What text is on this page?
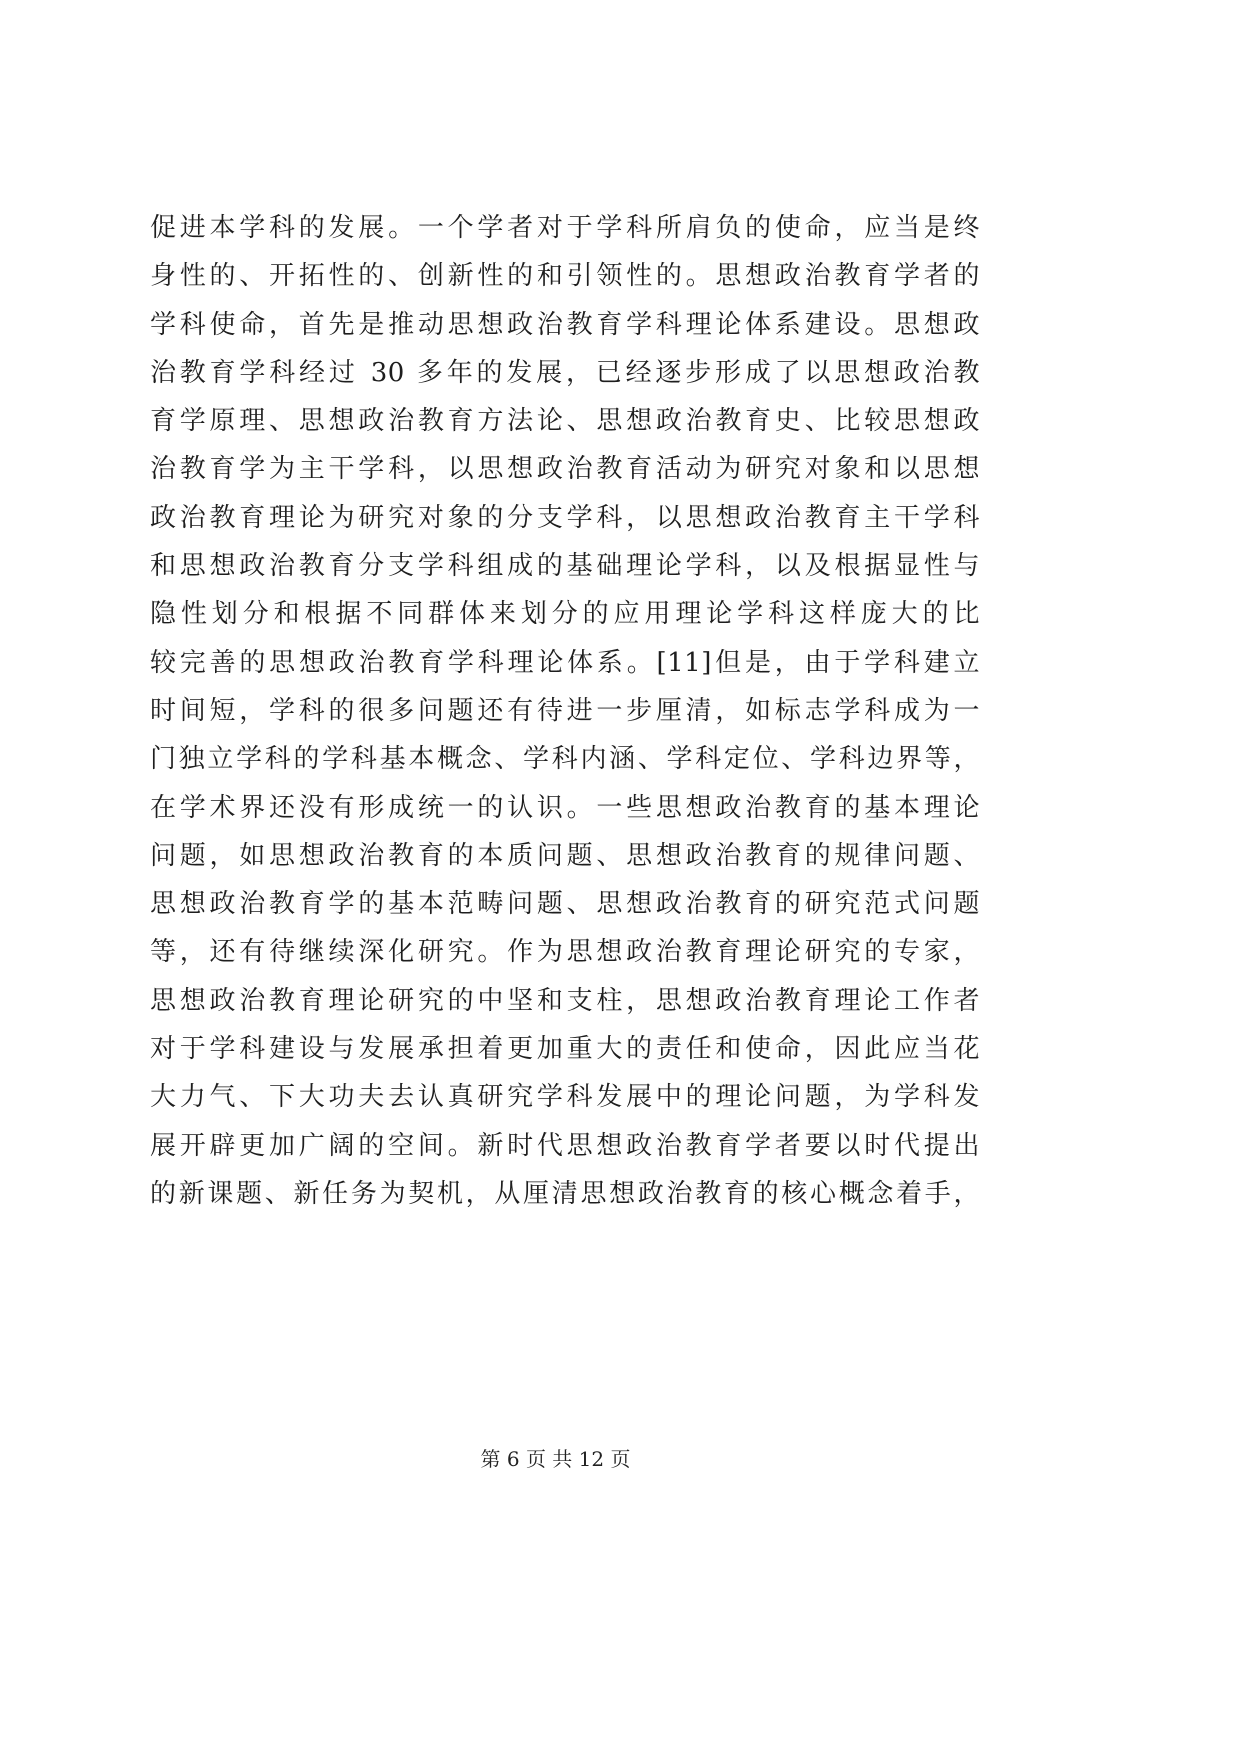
促进本学科的发展。一个学者对于学科所肩负的使命，应当是终
身性的、开拓性的、创新性的和引领性的。思想政治教育学者的
学科使命，首先是推动思想政治教育学科理论体系建设。思想政
治教育学科经过 30 多年的发展，已经逐步形成了以思想政治教
育学原理、思想政治教育方法论、思想政治教育史、比较思想政
治教育学为主干学科，以思想政治教育活动为研究对象和以思想
政治教育理论为研究对象的分支学科，以思想政治教育主干学科
和思想政治教育分支学科组成的基础理论学科，以及根据显性与
隐性划分和根据不同群体来划分的应用理论学科这样庞大的比
较完善的思想政治教育学科理论体系。[11]但是，由于学科建立
时间短，学科的很多问题还有待进一步厘清，如标志学科成为一
门独立学科的学科基本概念、学科内涵、学科定位、学科边界等，
在学术界还没有形成统一的认识。一些思想政治教育的基本理论
问题，如思想政治教育的本质问题、思想政治教育的规律问题、
思想政治教育学的基本范畴问题、思想政治教育的研究范式问题
等，还有待继续深化研究。作为思想政治教育理论研究的专家，
思想政治教育理论研究的中坚和支柱，思想政治教育理论工作者
对于学科建设与发展承担着更加重大的责任和使命，因此应当花
大力气、下大功夫去认真研究学科发展中的理论问题，为学科发
展开辟更加广阔的空间。新时代思想政治教育学者要以时代提出
的新课题、新任务为契机，从厘清思想政治教育的核心概念着手，
第 6 页 共 12 页
